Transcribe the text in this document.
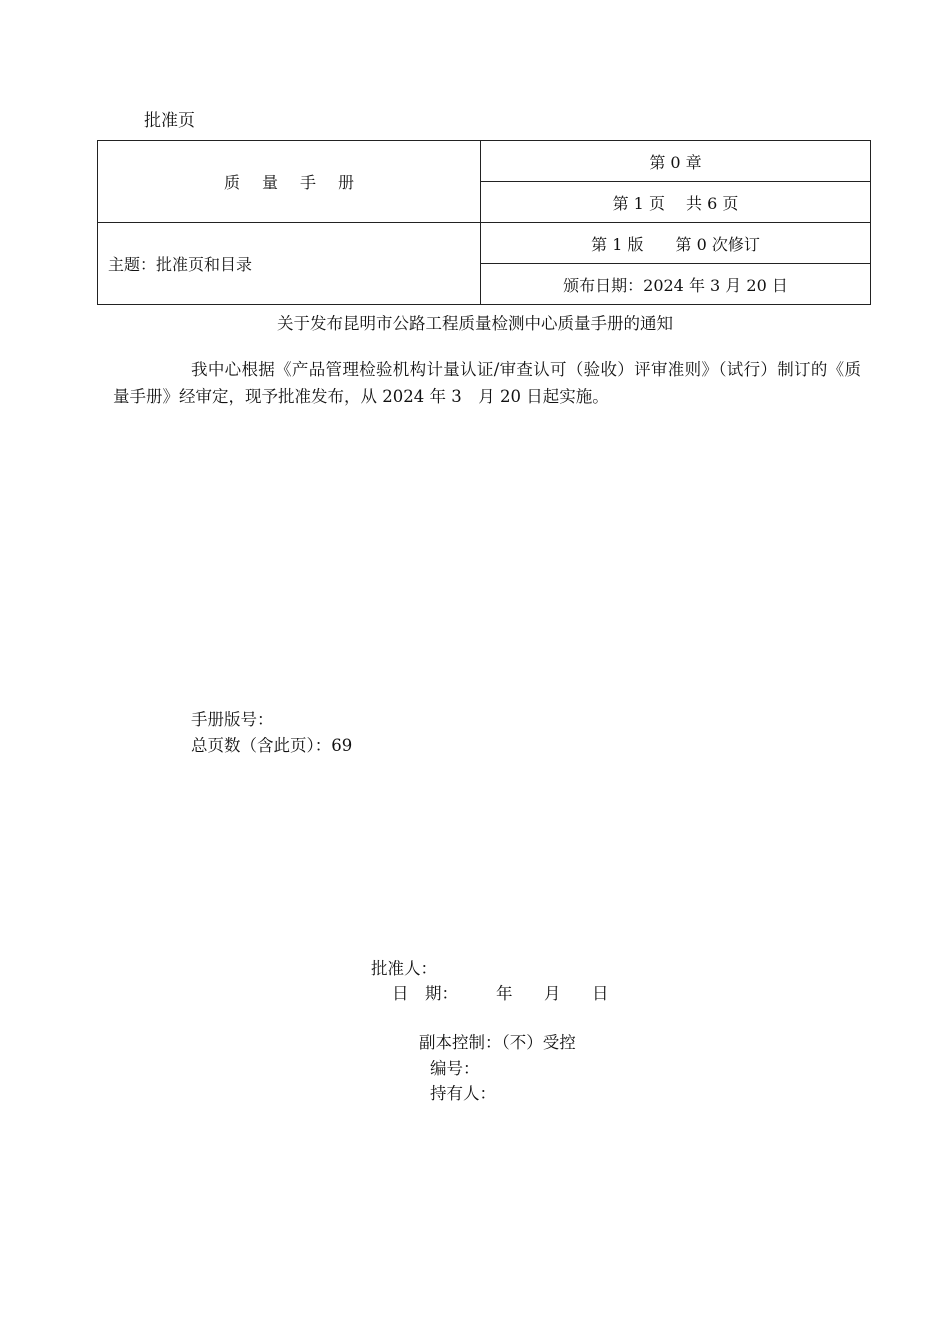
批准页
质量手册	第 0 章
	第 1 页　 共 6 页
主题：批准页和目录	第 1 版　　第 0 次修订
	颁布日期：2024 年 3 月 20 日
关于发布昆明市公路工程质量检测中心质量手册的通知
我中心根据《产品管理检验机构计量认证/审查认可（验收）评审准则》（试行）制订的《质量手册》经审定，现予批准发布，从 2024 年 3　月 20 日起实施。
手册版号：
总页数（含此页）：69
批准人：
日　期： 年 月 日
副本控制：（不）受控
编号：
持有人：
